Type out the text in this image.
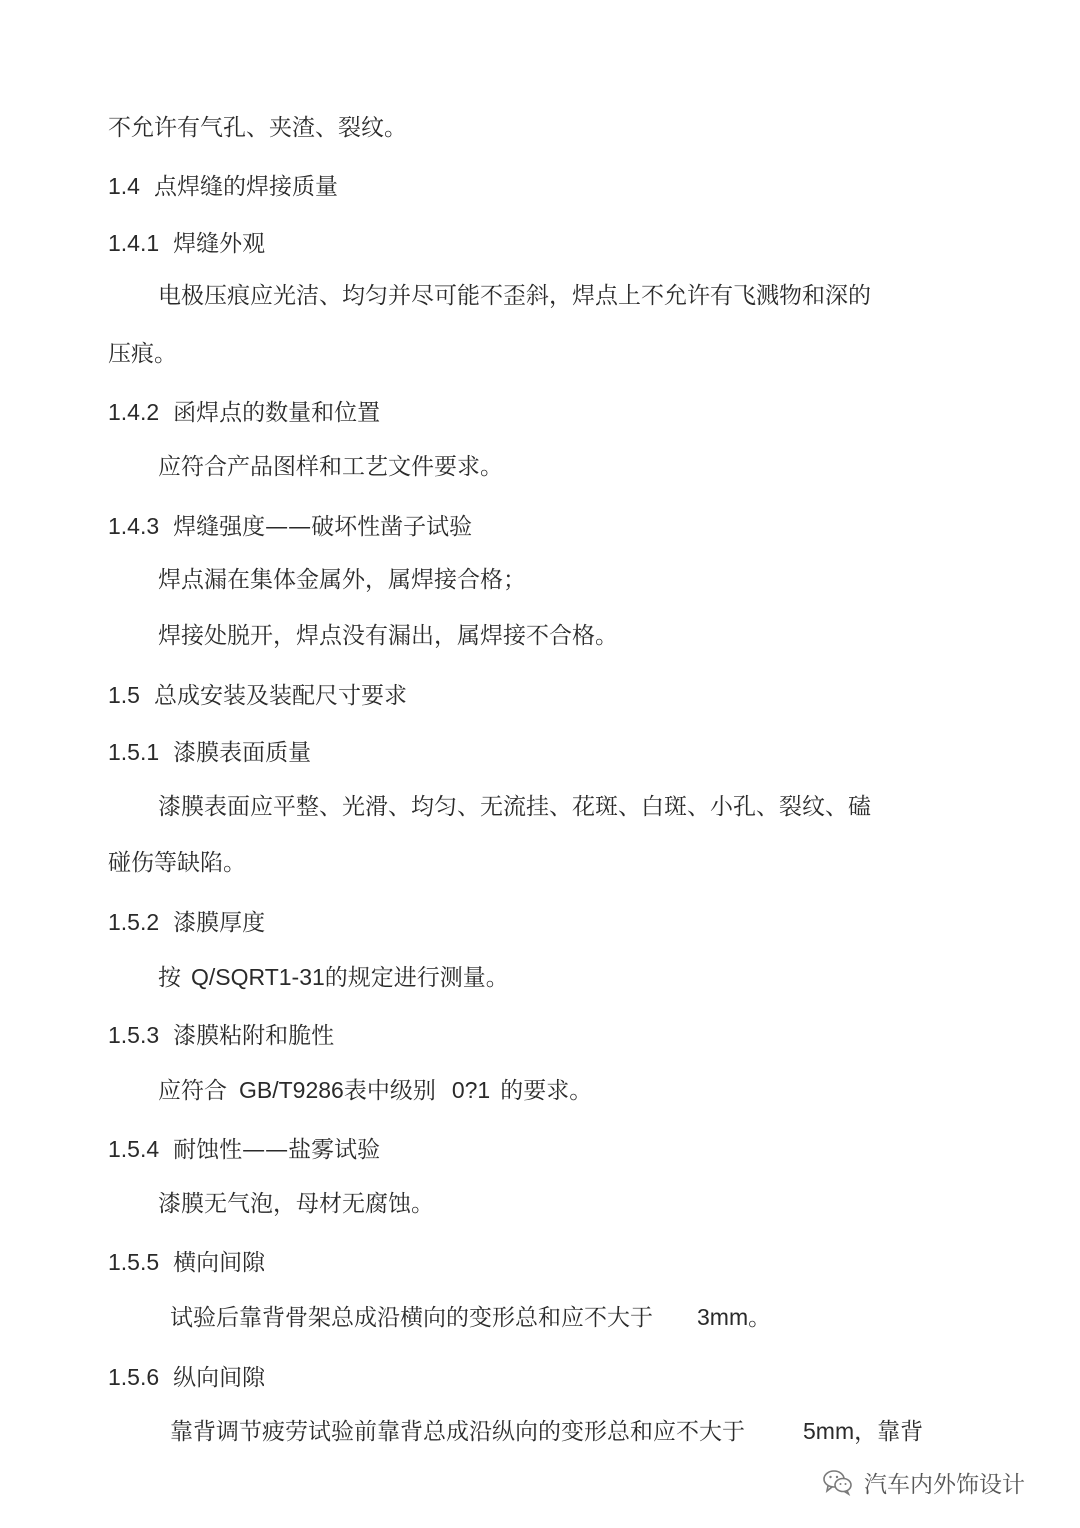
不允许有气孔、夹渣、裂纹。
1.4 点焊缝的焊接质量
1.4.1 焊缝外观
电极压痕应光洁、均匀并尽可能不歪斜，焊点上不允许有飞溅物和深的
压痕。
1.4.2 函焊点的数量和位置
应符合产品图样和工艺文件要求。
1.4.3 焊缝强度——破坏性凿子试验
焊点漏在集体金属外，属焊接合格；
焊接处脱开，焊点没有漏出，属焊接不合格。
1.5 总成安装及装配尺寸要求
1.5.1 漆膜表面质量
漆膜表面应平整、光滑、均匀、无流挂、花斑、白斑、小孔、裂纹、磕
碰伤等缺陷。
1.5.2 漆膜厚度
按 Q/SQRT1-31的规定进行测量。
1.5.3 漆膜粘附和脆性
应符合 GB/T9286表中级别 0?1 的要求。
1.5.4 耐蚀性——盐雾试验
漆膜无气泡，母材无腐蚀。
1.5.5 横向间隙
试验后靠背骨架总成沿横向的变形总和应不大于 3mm。
1.5.6 纵向间隙
靠背调节疲劳试验前靠背总成沿纵向的变形总和应不大于	5mm，靠背
汽车内外饰设计
